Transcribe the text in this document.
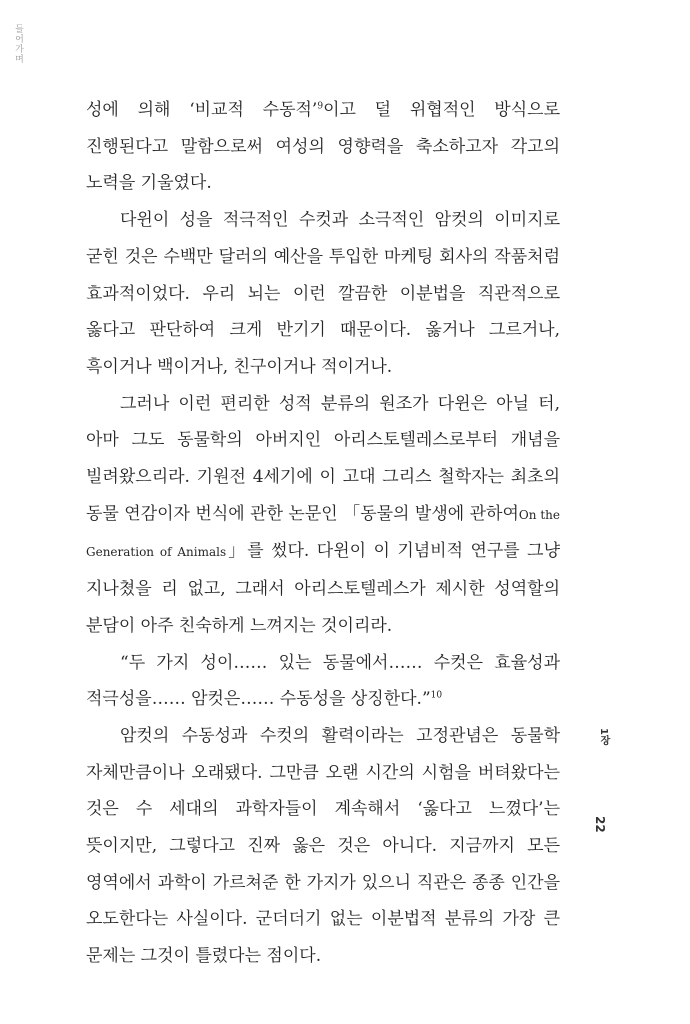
들어가며

성에 의해 ‘비교적 수동적’$^9$이고 덜 위협적인 방식으로 진행된다고 말함으로써 여성의 영향력을 축소하고자 각고의 노력을 기울였다.

다윈이 성을 적극적인 수컷과 소극적인 암컷의 이미지로 굳힌 것은 수백만 달러의 예산을 투입한 마케팅 회사의 작품처럼 효과적이었다. 우리 뇌는 이런 깔끔한 이분법을 직관적으로 옳다고 판단하여 크게 반기기 때문이다. 옳거나 그르거나, 흑이거나 백이거나, 친구이거나 적이거나.

그러나 이런 편리한 성적 분류의 원조가 다윈은 아닐 터, 아마 그도 동물학의 아버지인 아리스토텔레스로부터 개념을 빌려왔으리라. 기원전 4세기에 이 고대 그리스 철학자는 최초의 동물 연감이자 번식에 관한 논문인 「동물의 발생에 관하여On the Generation of Animals」를 썼다. 다윈이 이 기념비적 연구를 그냥 지나쳤을 리 없고, 그래서 아리스토텔레스가 제시한 성역할의 분담이 아주 친숙하게 느껴지는 것이리라.

“두 가지 성이…… 있는 동물에서…… 수컷은 효율성과 적극성을…… 암컷은…… 수동성을 상징한다.”$^{10}$

암컷의 수동성과 수컷의 활력이라는 고정관념은 동물학 자체만큼이나 오래됐다. 그만큼 오랜 시간의 시험을 버텨왔다는 것은 수 세대의 과학자들이 계속해서 ‘옳다고 느꼈다’는 뜻이지만, 그렇다고 진짜 옳은 것은 아니다. 지금까지 모든 영역에서 과학이 가르쳐준 한 가지가 있으니 직관은 종종 인간을 오도한다는 사실이다. 군더더기 없는 이분법적 분류의 가장 큰 문제는 그것이 틀렸다는 점이다.

1장
22
